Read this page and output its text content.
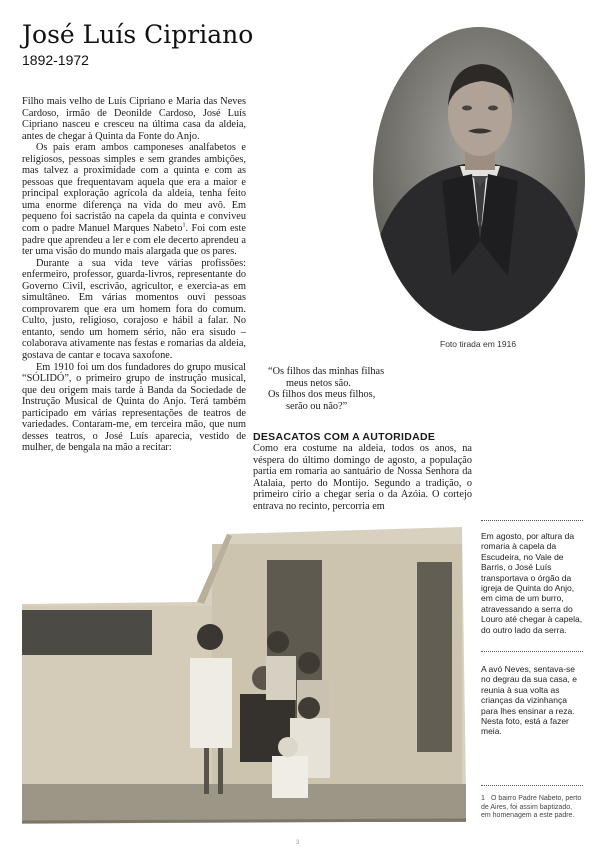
José Luís Cipriano
1892-1972

Filho mais velho de Luís Cipriano e Maria das Neves Cardoso, irmão de Deonilde Cardoso, José Luís Cipriano nasceu e cresceu na última casa da aldeia, antes de chegar à Quinta da Fonte do Anjo.

Os pais eram ambos camponeses analfabetos e religiosos, pessoas simples e sem grandes ambições, mas talvez a proximidade com a quinta e com as pessoas que frequentavam aquela que era a maior e principal exploração agrícola da aldeia, tenha feito uma enorme diferença na vida do meu avô. Em pequeno foi sacristão na capela da quinta e conviveu com o padre Manuel Marques Nabeto$^1$. Foi com este padre que aprendeu a ler e com ele decerto aprendeu a ter uma visão do mundo mais alargada que os pares.

Durante a sua vida teve várias profissões: enfermeiro, professor, guarda-livros, representante do Governo Civil, escrivão, agricultor, e exercia-as em simultâneo. Em várias momentos ouvi pessoas comprovarem que era um homem fora do comum. Culto, justo, religioso, corajoso e hábil a falar. No entanto, sendo um homem sério, não era sisudo – colaborava ativamente nas festas e romarias da aldeia, gostava de cantar e tocava saxofone.

Em 1910 foi um dos fundadores do grupo musical “SÓLIDÓ”, o primeiro grupo de instrução musical, que deu origem mais tarde à Banda da Sociedade de Instrução Musical de Quinta do Anjo. Terá também participado em várias representações de teatros de variedades. Contaram-me, em terceira mão, que num desses teatros, o José Luís aparecia, vestido de mulher, de bengala na mão a recitar:

Foto tirada em 1916
“Os filhos das minhas filhas
meus netos são.
Os filhos dos meus filhos,
serão ou não?”
DESACATOS COM A AUTORIDADE

Como era costume na aldeia, todos os anos, na véspera do último domingo de agosto, a população partia em romaria ao santuário de Nossa Senhora da Atalaia, perto do Montijo. Segundo a tradição, o primeiro círio a chegar seria o da Azóia. O cortejo entrava no recinto, percorria em

Em agosto, por altura da romaria à capela da Escudeira, no Vale de Barris, o José Luís transportava o órgão da igreja de Quinta do Anjo, em cima de um burro, atravessando a serra do Louro até chegar à capela, do outro lado da serra.
A avó Neves, sentava-se no degrau da sua casa, e reunia à sua volta as crianças da vizinhança para lhes ensinar a reza. Nesta foto, está a fazer meia.
1 O bairro Padre Nabeto, perto de Aires, foi assim baptizado, em homenagem a este padre.
3
